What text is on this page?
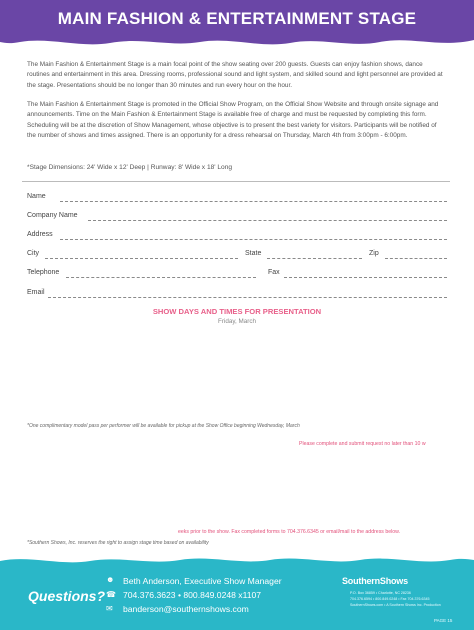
MAIN FASHION & ENTERTAINMENT STAGE
The Main Fashion & Entertainment Stage is a main focal point of the show seating over 200 guests. Guests can enjoy fashion shows, dance routines and entertainment in this area. Dressing rooms, professional sound and light system, and skilled sound and light personnel are provided at the stage. Presentations should be no longer than 30 minutes and run every hour on the hour.
The Main Fashion & Entertainment Stage is promoted in the Official Show Program, on the Official Show Website and through onsite signage and announcements. Time on the Main Fashion & Entertainment Stage is available free of charge and must be requested by completing this form. Scheduling will be at the discretion of Show Management, whose objective is to present the best variety for visitors. Participants will be notified of the number of shows and times assigned. There is an opportunity for a dress rehearsal on Thursday, March 4th from 3:00pm - 6:00pm.
*Stage Dimensions: 24' Wide x 12' Deep | Runway: 8' Wide x 18' Long
Name
Company Name
Address
City	State	Zip
Telephone	Fax
Email
SHOW DAYS AND TIMES FOR PRESENTATION
Friday, March
*One complimentary model pass per performer will be available for pickup at the Show Office beginning Wednesday, March
Please complete and submit request no later than 10 w
eeks prior to the show. Fax completed forms to 704.376.6345 or email/mail to the address below.
*Southern Shows, Inc. reserves the right to assign stage time based on availability
Questions?
☻ Beth Anderson, Executive Show Manager
☎ 704.376.3623 • 800.849.0248 x1107
✉ banderson@southernshows.com
SouthernShows
P.O. Box 36859 • Charlotte, NC 28236
704.376.6594 • 800.849.0248 • Fax 704.376.6345
SouthernShows.com • A Southern Shows Inc. Production
PAGE 15
